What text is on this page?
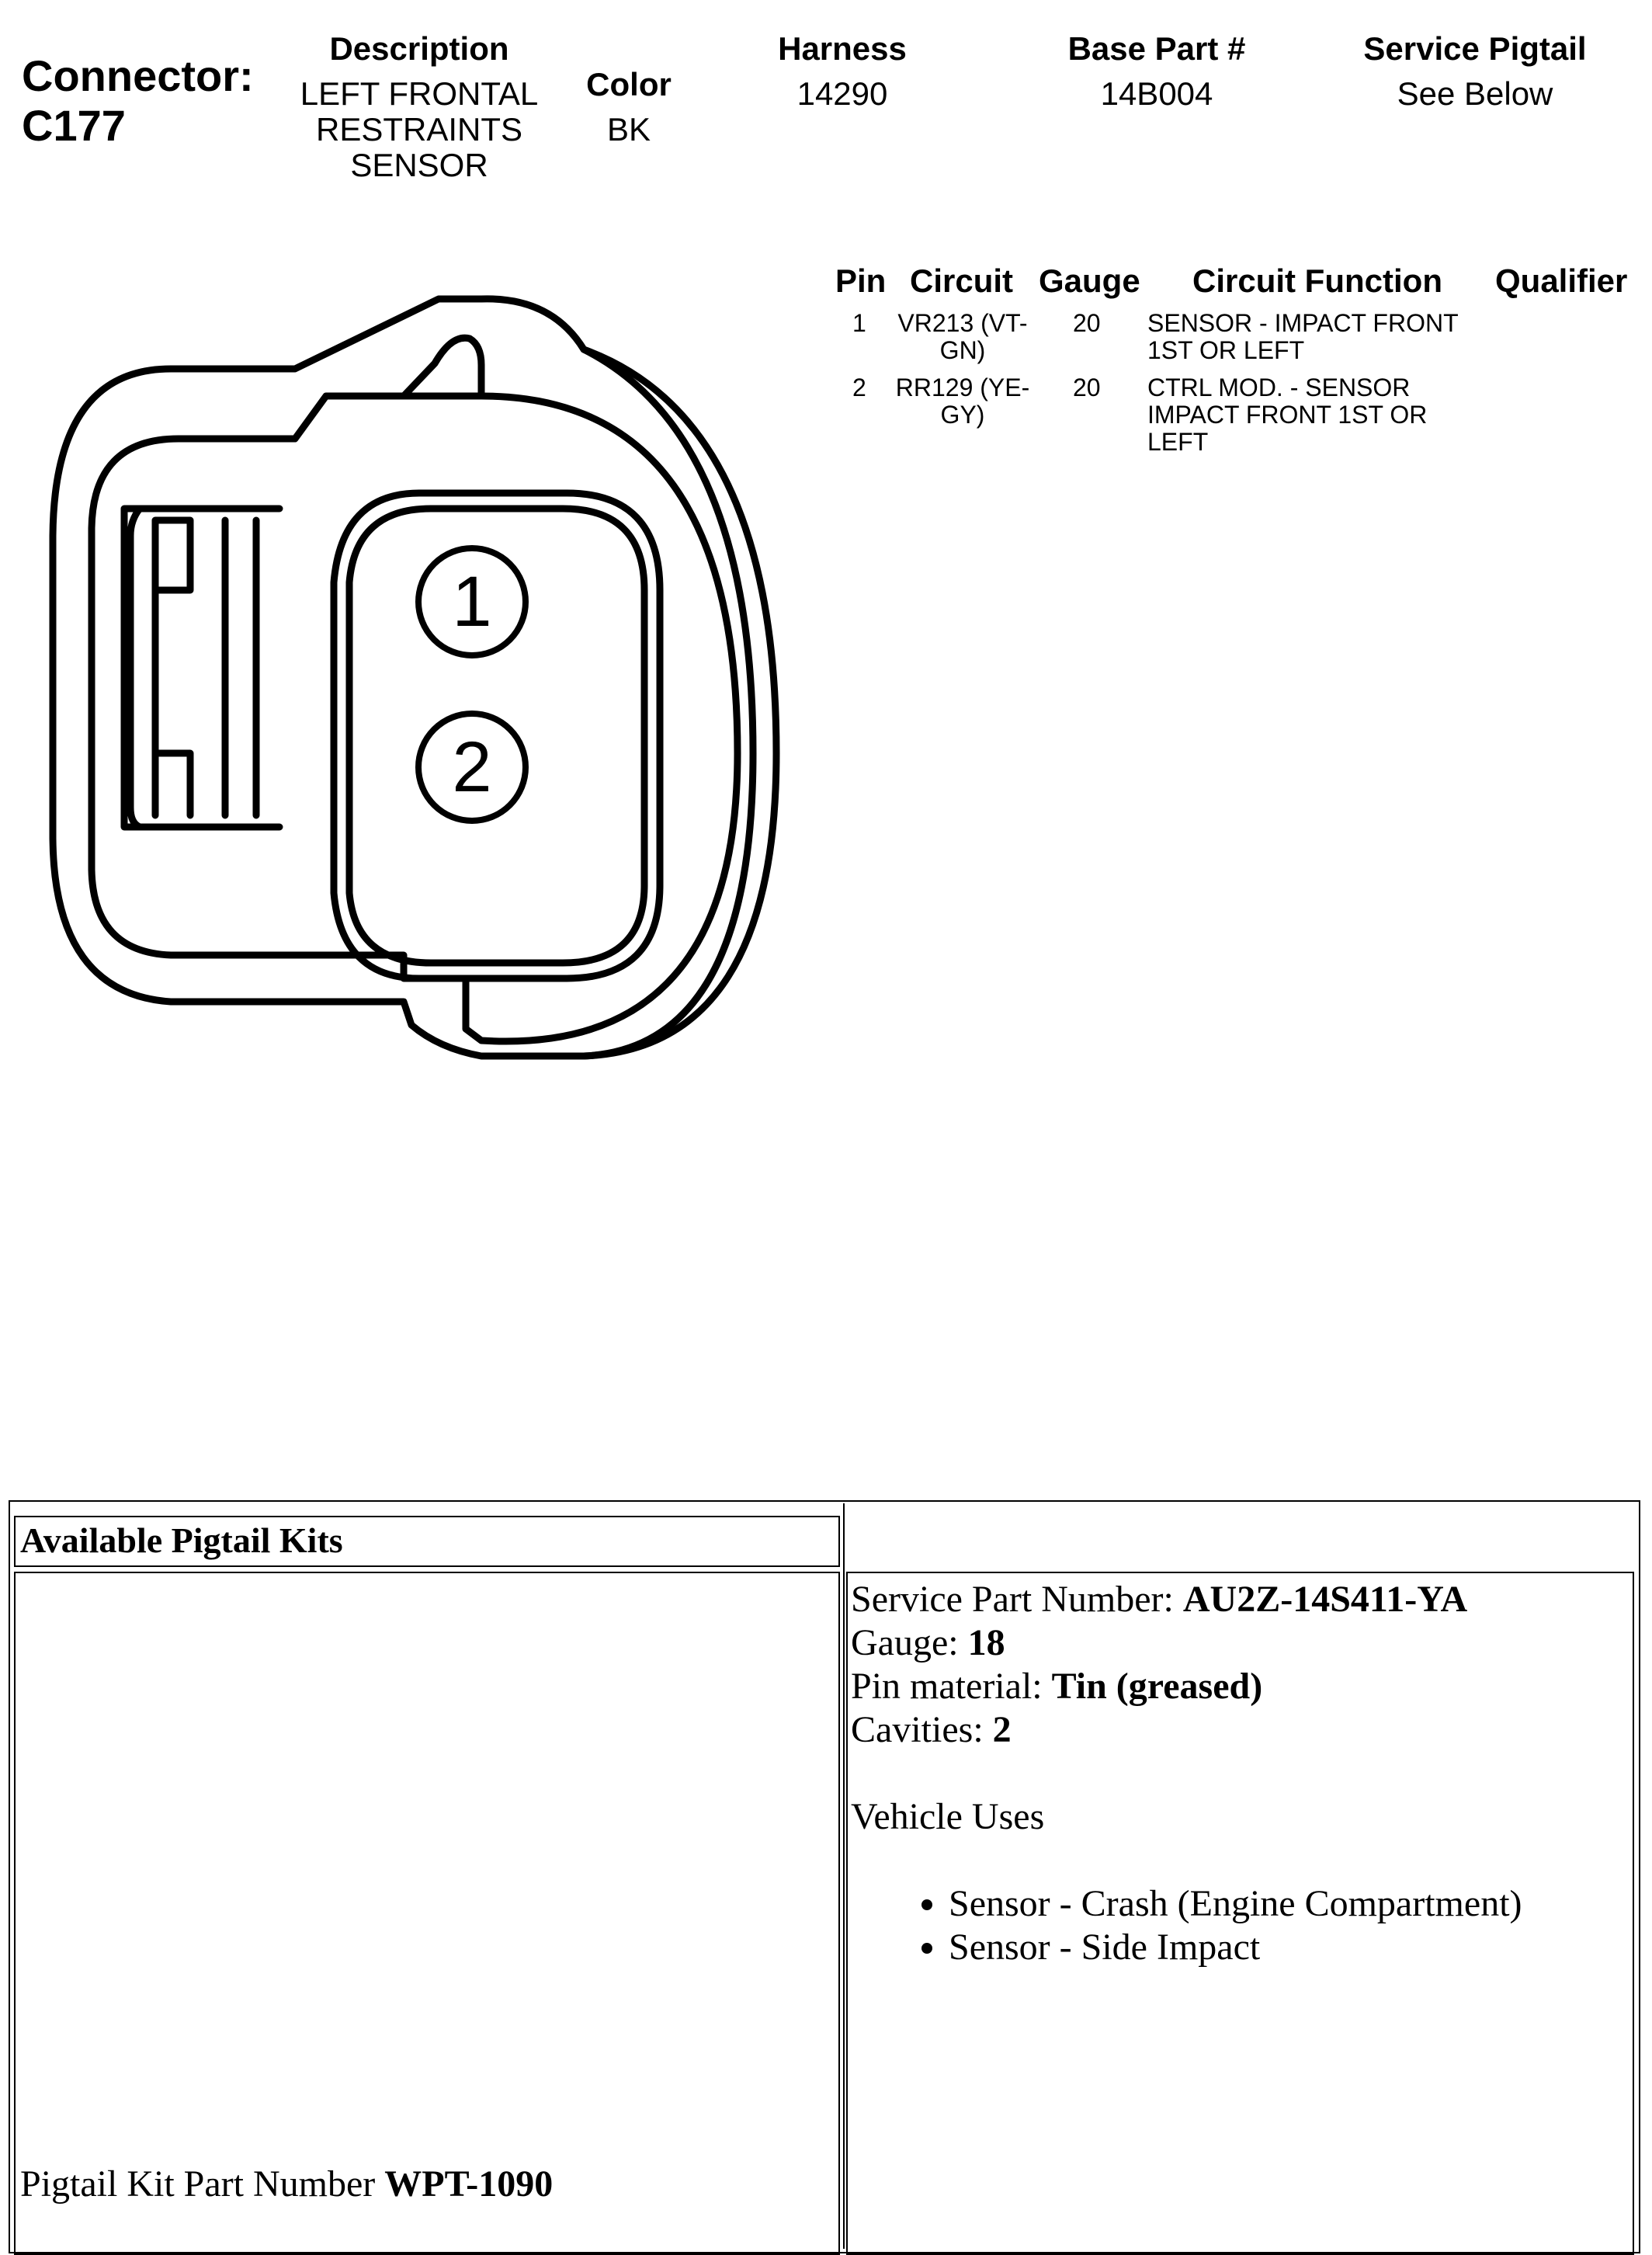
Connector:
C177
Description
LEFT FRONTAL
RESTRAINTS
SENSOR
Color
BK
Harness
14290
Base Part #
14B004
Service Pigtail
See Below
Pin Circuit Gauge Circuit Function Qualifier
1 VR213 (VT-
GN)
20 SENSOR - IMPACT FRONT
1ST OR LEFT
2 RR129 (YE-
GY)
20 CTRL MOD. - SENSOR
IMPACT FRONT 1ST OR
LEFT
1
2
Available Pigtail Kits
Service Part Number: AU2Z-14S411-YA
Gauge: 18
Pin material: Tin (greased)
Cavities: 2
Vehicle Uses
• Sensor - Crash (Engine Compartment)
• Sensor - Side Impact
Pigtail Kit Part Number WPT-1090
